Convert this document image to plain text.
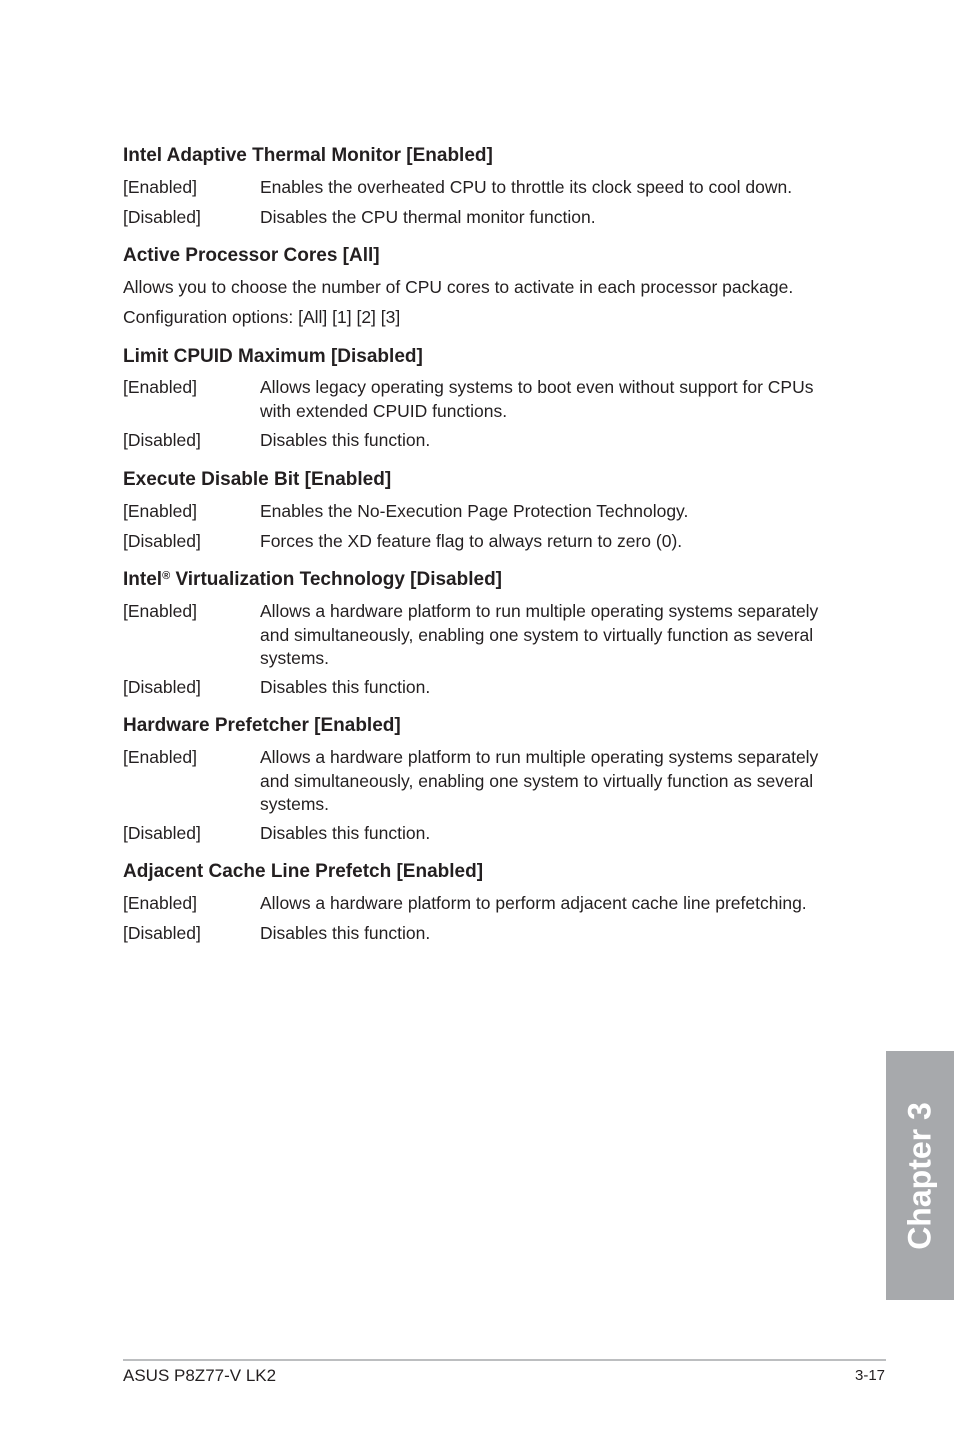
Intel Adaptive Thermal Monitor [Enabled]
[Enabled]	Enables the overheated CPU to throttle its clock speed to cool down.
[Disabled]	Disables the CPU thermal monitor function.
Active Processor Cores [All]
Allows you to choose the number of CPU cores to activate in each processor package.
Configuration options: [All] [1] [2] [3]
Limit CPUID Maximum [Disabled]
[Enabled]	Allows legacy operating systems to boot even without support for CPUs with extended CPUID functions.
[Disabled]	Disables this function.
Execute Disable Bit [Enabled]
[Enabled]	Enables the No-Execution Page Protection Technology.
[Disabled]	Forces the XD feature flag to always return to zero (0).
Intel® Virtualization Technology [Disabled]
[Enabled]	Allows a hardware platform to run multiple operating systems separately and simultaneously, enabling one system to virtually function as several systems.
[Disabled]	Disables this function.
Hardware Prefetcher [Enabled]
[Enabled]	Allows a hardware platform to run multiple operating systems separately and simultaneously, enabling one system to virtually function as several systems.
[Disabled]	Disables this function.
Adjacent Cache Line Prefetch [Enabled]
[Enabled]	Allows a hardware platform to perform adjacent cache line prefetching.
[Disabled]	Disables this function.
Chapter 3
ASUS P8Z77-V LK2	3-17
